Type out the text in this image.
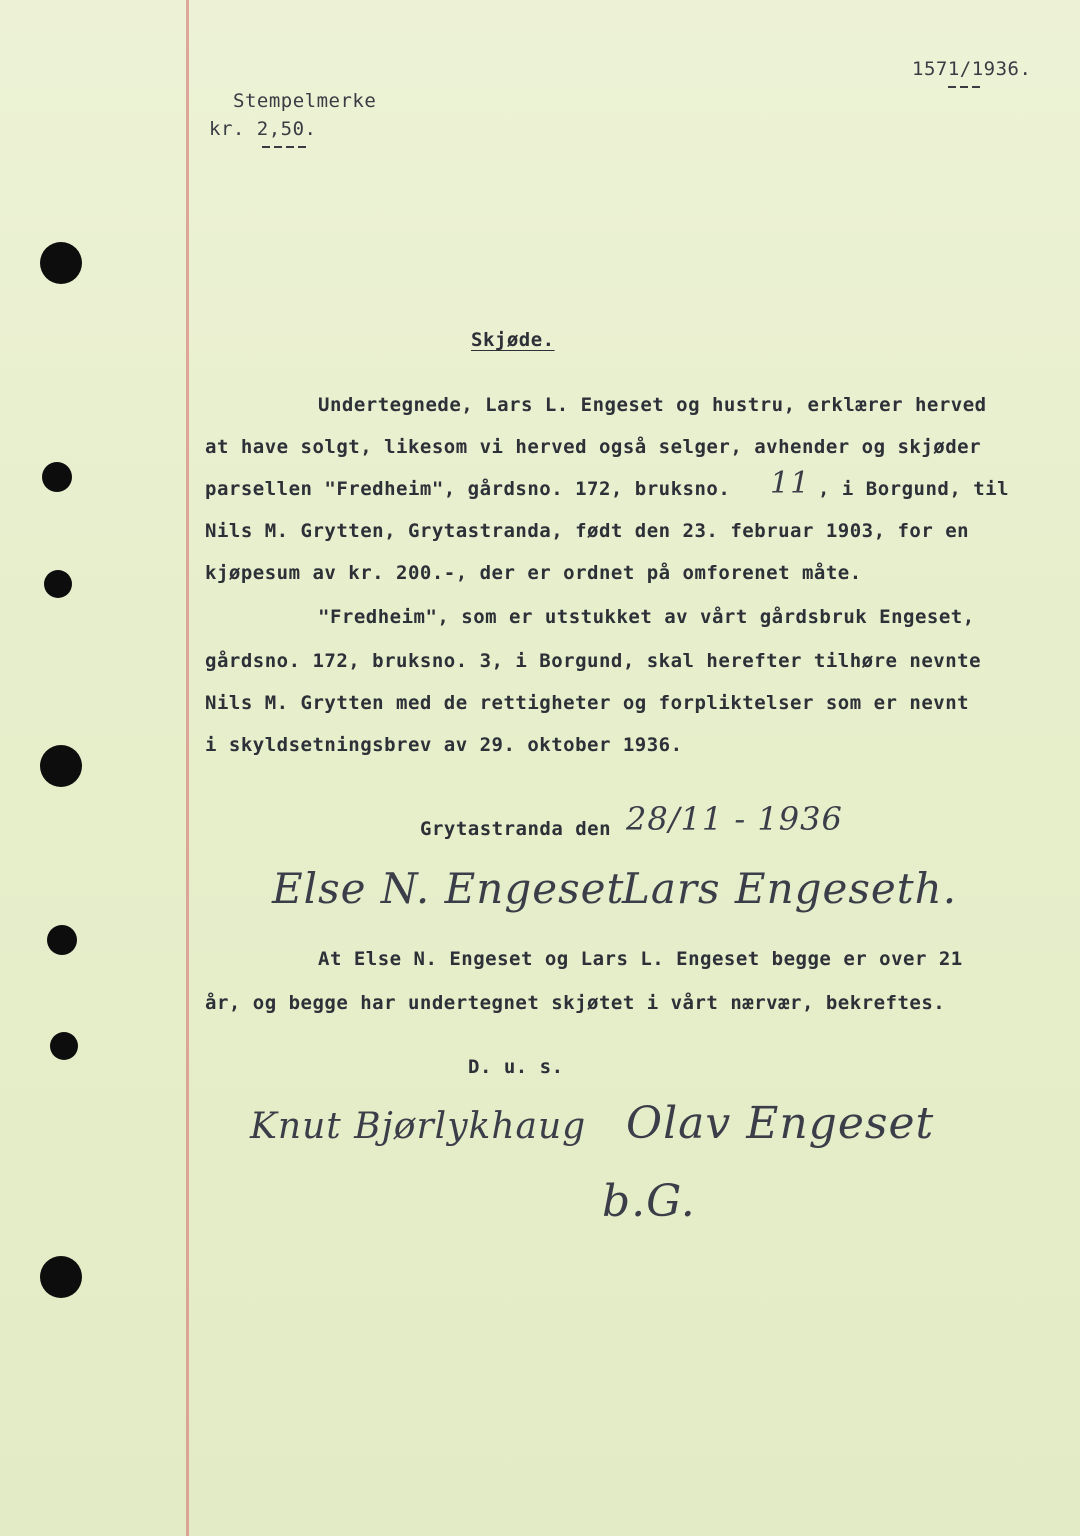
Stempelmerke
kr. 2,50.
1571/1936.
Skjøde.
Undertegnede, Lars L. Engeset og hustru, erklærer herved
at have solgt, likesom vi herved også selger, avhender og skjøder
parsellen "Fredheim", gårdsno. 172, bruksno. 11 , i Borgund, til
Nils M. Grytten, Grytastranda, født den 23. februar 1903, for en
kjøpesum av kr. 200.-, der er ordnet på omforenet måte.
"Fredheim", som er utstukket av vårt gårdsbruk Engeset,
gårdsno. 172, bruksno. 3, i Borgund, skal herefter tilhøre nevnte
Nils M. Grytten med de rettigheter og forpliktelser som er nevnt
i skyldsetningsbrev av 29. oktober 1936.
Grytastranda den 28/11 - 1936
Else N. Engeset
Lars Engeseth.
At Else N. Engeset og Lars L. Engeset begge er over 21
år, og begge har undertegnet skjøtet i vårt nærvær, bekreftes.
D. u. s.
Knut Bjørlykhaug Olav Engeset
b.G.
